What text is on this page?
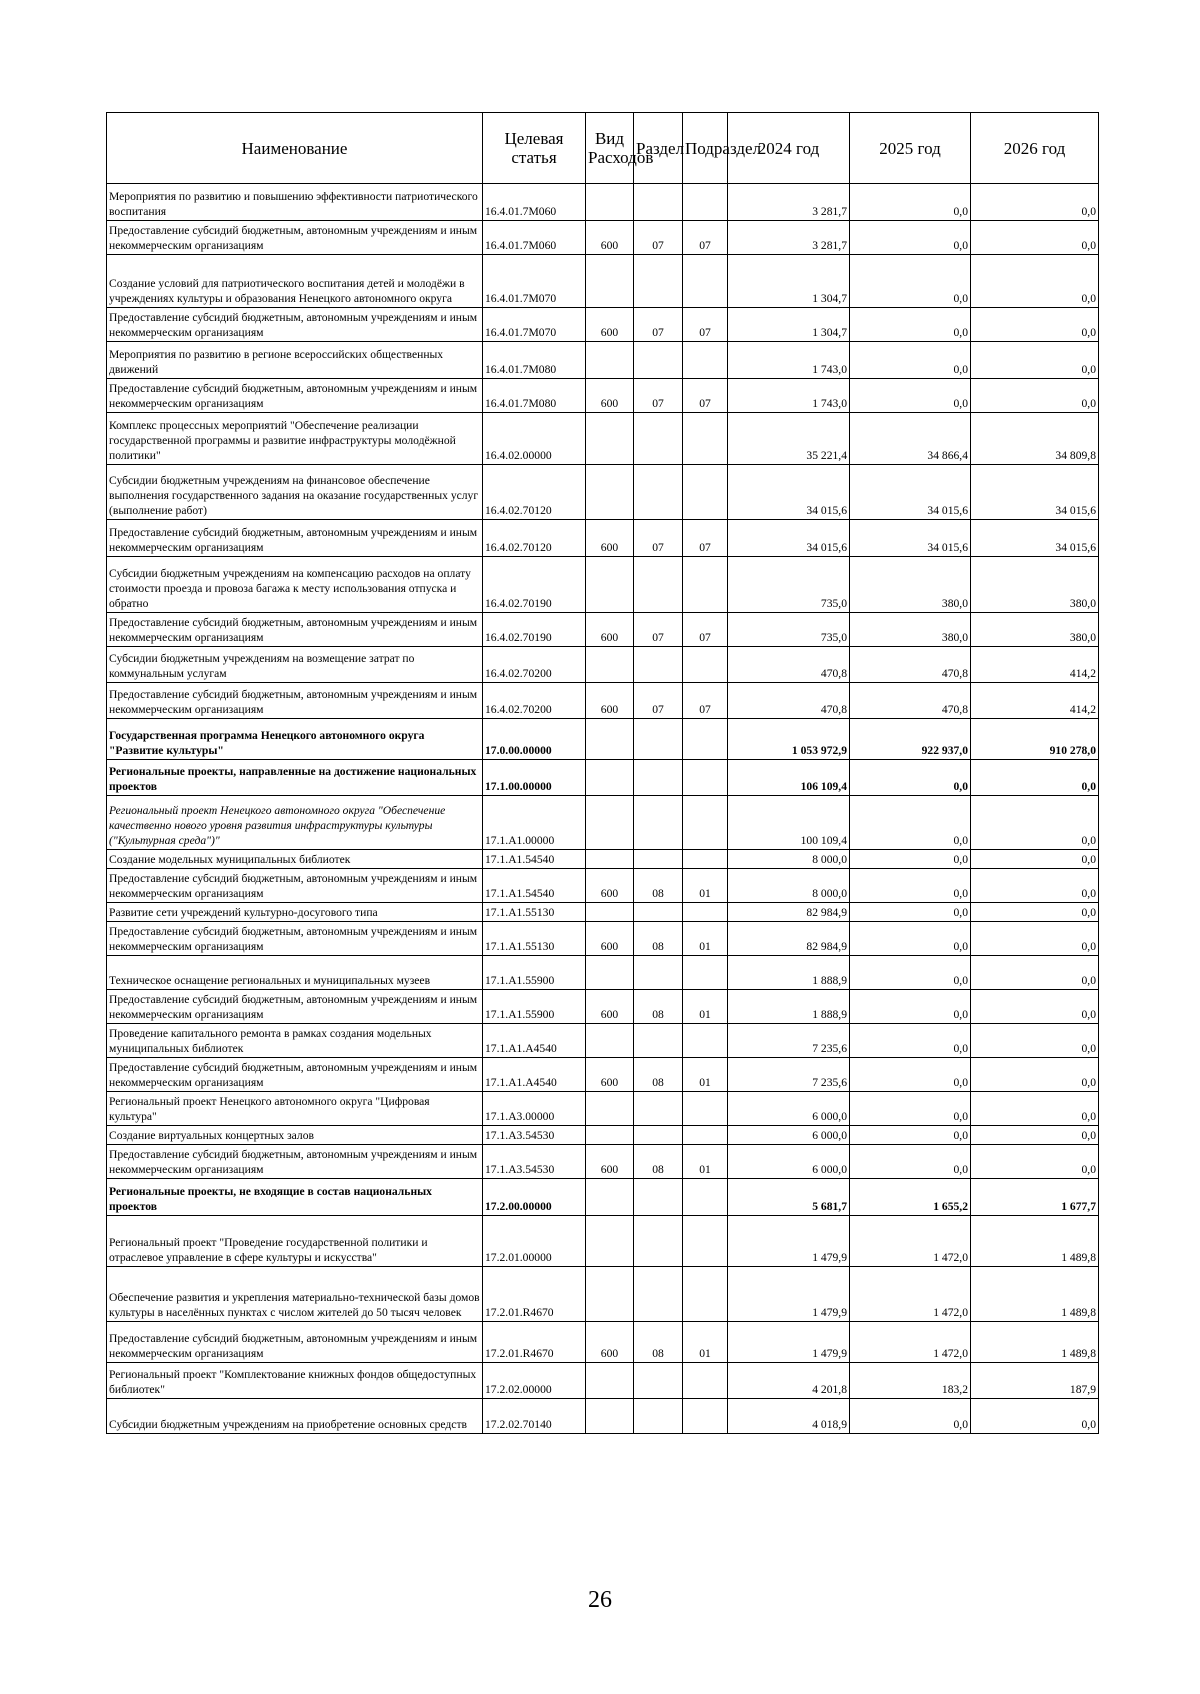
Наименование	Целевая статья	Вид Расходов	Раздел	Подраздел	2024 год	2025 год	2026 год
Мероприятия по развитию и повышению эффективности патриотического воспитания	16.4.01.7М060				3 281,7	0,0	0,0
Предоставление субсидий бюджетным, автономным учреждениям и иным некоммерческим организациям	16.4.01.7М060	600	07	07	3 281,7	0,0	0,0
Создание условий для патриотического воспитания детей и молодёжи в учреждениях культуры и образования Ненецкого автономного округа	16.4.01.7М070				1 304,7	0,0	0,0
Предоставление субсидий бюджетным, автономным учреждениям и иным некоммерческим организациям	16.4.01.7М070	600	07	07	1 304,7	0,0	0,0
Мероприятия по развитию в регионе всероссийских общественных движений	16.4.01.7М080				1 743,0	0,0	0,0
Предоставление субсидий бюджетным, автономным учреждениям и иным некоммерческим организациям	16.4.01.7М080	600	07	07	1 743,0	0,0	0,0
Комплекс процессных мероприятий "Обеспечение реализации государственной программы и развитие инфраструктуры молодёжной политики"	16.4.02.00000				35 221,4	34 866,4	34 809,8
Субсидии бюджетным учреждениям на финансовое обеспечение выполнения государственного задания на оказание государственных услуг (выполнение работ)	16.4.02.70120				34 015,6	34 015,6	34 015,6
Предоставление субсидий бюджетным, автономным учреждениям и иным некоммерческим организациям	16.4.02.70120	600	07	07	34 015,6	34 015,6	34 015,6
Субсидии бюджетным учреждениям на компенсацию расходов на оплату стоимости проезда и провоза багажа к месту использования отпуска и обратно	16.4.02.70190				735,0	380,0	380,0
Предоставление субсидий бюджетным, автономным учреждениям и иным некоммерческим организациям	16.4.02.70190	600	07	07	735,0	380,0	380,0
Субсидии бюджетным учреждениям на возмещение затрат по коммунальным услугам	16.4.02.70200				470,8	470,8	414,2
Предоставление субсидий бюджетным, автономным учреждениям и иным некоммерческим организациям	16.4.02.70200	600	07	07	470,8	470,8	414,2
Государственная программа Ненецкого автономного округа "Развитие культуры"	17.0.00.00000				1 053 972,9	922 937,0	910 278,0
Региональные проекты, направленные на достижение национальных проектов	17.1.00.00000				106 109,4	0,0	0,0
Региональный проект Ненецкого автономного округа "Обеспечение качественно нового уровня развития инфраструктуры культуры ("Культурная среда")"	17.1.А1.00000				100 109,4	0,0	0,0
Создание модельных муниципальных библиотек	17.1.А1.54540				8 000,0	0,0	0,0
Предоставление субсидий бюджетным, автономным учреждениям и иным некоммерческим организациям	17.1.А1.54540	600	08	01	8 000,0	0,0	0,0
Развитие сети учреждений культурно-досугового типа	17.1.А1.55130				82 984,9	0,0	0,0
Предоставление субсидий бюджетным, автономным учреждениям и иным некоммерческим организациям	17.1.А1.55130	600	08	01	82 984,9	0,0	0,0
Техническое оснащение региональных и муниципальных музеев	17.1.А1.55900				1 888,9	0,0	0,0
Предоставление субсидий бюджетным, автономным учреждениям и иным некоммерческим организациям	17.1.А1.55900	600	08	01	1 888,9	0,0	0,0
Проведение капитального ремонта в рамках создания модельных муниципальных библиотек	17.1.А1.А4540				7 235,6	0,0	0,0
Предоставление субсидий бюджетным, автономным учреждениям и иным некоммерческим организациям	17.1.А1.А4540	600	08	01	7 235,6	0,0	0,0
Региональный проект Ненецкого автономного округа "Цифровая культура"	17.1.А3.00000				6 000,0	0,0	0,0
Создание виртуальных концертных залов	17.1.А3.54530				6 000,0	0,0	0,0
Предоставление субсидий бюджетным, автономным учреждениям и иным некоммерческим организациям	17.1.А3.54530	600	08	01	6 000,0	0,0	0,0
Региональные проекты, не входящие в состав национальных проектов	17.2.00.00000				5 681,7	1 655,2	1 677,7
Региональный проект "Проведение государственной политики и отраслевое управление в сфере культуры и искусства"	17.2.01.00000				1 479,9	1 472,0	1 489,8
Обеспечение развития и укрепления материально-технической базы домов культуры в населённых пунктах с числом жителей до 50 тысяч человек	17.2.01.R4670				1 479,9	1 472,0	1 489,8
Предоставление субсидий бюджетным, автономным учреждениям и иным некоммерческим организациям	17.2.01.R4670	600	08	01	1 479,9	1 472,0	1 489,8
Региональный проект "Комплектование книжных фондов общедоступных библиотек"	17.2.02.00000				4 201,8	183,2	187,9
Субсидии бюджетным учреждениям на приобретение основных средств	17.2.02.70140				4 018,9	0,0	0,0
26
